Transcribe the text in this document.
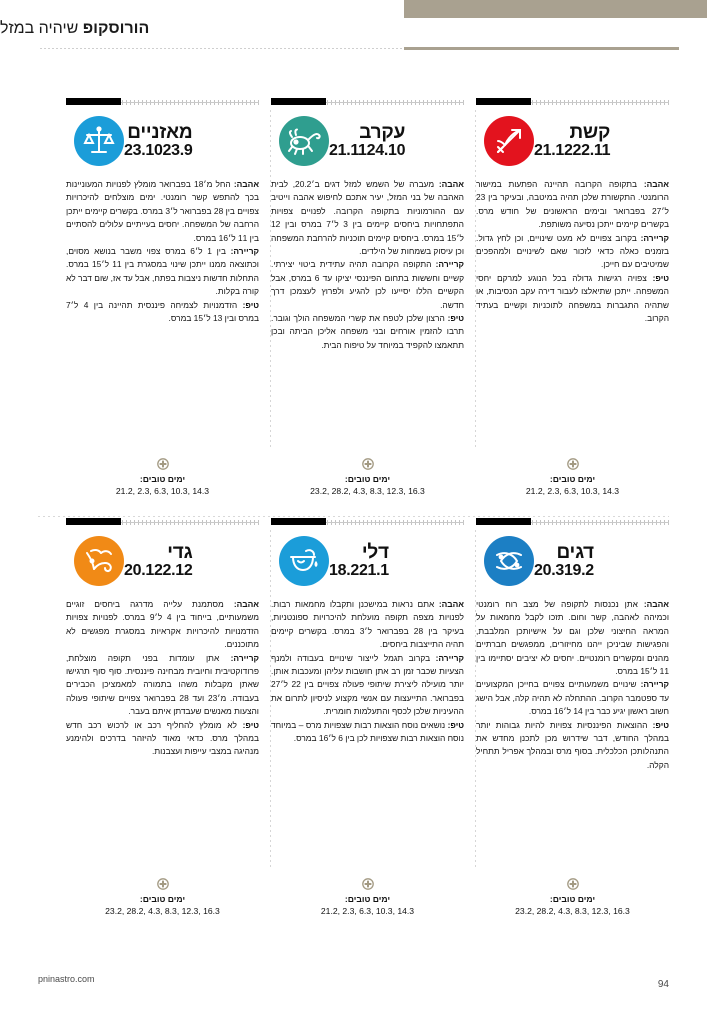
הורוסקופ שיהיה במזל
קשת
21.1222.11

אהבה: בתקופה הקרובה תהיינה הפתעות במישור הרומנטי. התקשורת שלכן תהיה במיטבה, ובעיקר בין 23 ל׳27 בפברואר ובימים הראשונים של חודש מרס. בקשרים קיימים ייתכן נסיעה משותפת.

קריירה: בקרוב צפויים לא מעט שינויים, וכן לחץ גדול. בזמנים כאלה כדאי לזכור שאם לשינויים ולמהפכים שמיטיבים עם חייכן.

טיפ: צפויה רגישות גדולה בכל הנוגע למרקם יחסי המשפחה. ייתכן שתיאלצו לעבור דירה עקב הנסיבות, או שתהיה התגברות במשפחה לתוכניות וקשיים בעתיד הקרוב.

ימים טובים:
21.2, 2.3, 6.3, 10.3, 14.3
עקרב
21.1124.10

אהבה: מעברה של השמש למזל דגים ב׳20.2, לבית האהבה של בני המזל, יעיר אתכם לחיפוש אהבה וייטיב עם ההורמוניות בתקופה הקרובה. לפנויים צפויות התפתחויות ביחסים קיימים בין 3 ל׳7 במרס ובין 12 ל׳15 במרס. ביחסים קיימים תוכניות להרחבת המשפחה וכן עיסוק בשמחות של הילדים.

קריירה: התקופה הקרובה תהיה עתידית ביטוי יצירתי. קשיים וחששות בתחום הפיננסי יציקו עד 6 במרס, אבל הקשיים הללו יסייעו לכן להגיע ולפרוץ לעצמכן דרך חדשה.

טיפ: הרצון שלכן לטפח את קשרי המשפחה הולך וגובר. תרבו להזמין אורחים ובני משפחה אליכן הביתה ובכן תתאמצו להקפיד במיוחד על טיפוח הבית.

ימים טובים:
23.2, 28.2, 4.3, 8.3, 12.3, 16.3
מאזניים
23.1023.9

אהבה: החל מ׳18 בפברואר מומלץ לפנויות המעוניינות בכך להתפש קשר רומנטי. ימים מוצלחים להיכרויות צפויים בין 28 בפברואר ל׳3 במרס. בקשרים קיימים ייתכן הרחבה של המשפחה. יחסים בעייתיים עלולים להסתיים בין 11 ל׳16 במרס.

קריירה: בין 1 ל׳6 במרס צפוי משבר בנושא מסוים, וכתוצאה ממנו ייתכן שינוי במסגרת בין 11 ל׳15 במרס. התחלות חדשות ניצבות בפתח, אבל עד אז, שום דבר לא קורה בקלות.

טיפ: הזדמנויות לצמיחה פיננסית תהיינה בין 4 ל׳7 במרס ובין 13 ל׳15 במרס.

ימים טובים:
21.2, 2.3, 6.3, 10.3, 14.3
דגים
20.319.2

אהבה: אתן נכנסות לתקופה של מצב רוח רומנטי וכמיהה לאהבה, קשר וחום. תזכו לקבל מחמאות על המראה החיצוני שלכן וגם על אישיותכן המלבבת, והפגישות שביניכן ייהנו מחיזורים, ממפגשים חברתיים מהנים ומקשרים רומנטיים. יחסים לא יציבים יסתיימו בין 11 ל׳15 במרס.

קריירה: שינויים משמעותיים צפויים בחייכן המקצועיים עד ספטמבר הקרוב. ההתחלה לא תהיה קלה, אבל הישג חשוב ראשון יגיע כבר בין 14 ל׳16 במרס.

טיפ: ההוצאות הפיננסיות צפויות להיות גבוהות יותר במהלך החודש, דבר שידרוש מכן לתכנן מחדש את התנהלותכן הכלכלית. בסוף מרס ובמהלך אפריל תתחיל הקלה.

ימים טובים:
23.2, 28.2, 4.3, 8.3, 12.3, 16.3
דלי
18.221.1

אהבה: אתם נראות במישכנן ותקבלו מחמאות רבות. לפנויות מצפה תקופה מועלחת להיכרויות ספונטניות, בעיקר בין 28 בפברואר ל׳3 במרס. בקשרים קיימים תהיה התייצבות ביחסים.

קריירה: בקרוב תגמל לייצור שינויים בעבודה ולמנף הצעיות שכבר זמן רב אתן חושבות עליהן ומעכבות אותן. יותר מועילה ליצירת שיתופי פעולה צפויים בין 22 ל׳27 בפברואר. התייעצות עם אנשי מקצוע לניסיון לתרום את ההעיניות שלכן לכסף והתעלמות חומרית.

טיפ: נושאים נוסח הוצאות רבות שצפויות מרס – במיוחד נוסח הוצאות רבות שצפויות לכן בין 6 ל׳16 במרס.

ימים טובים:
21.2, 2.3, 6.3, 10.3, 14.3
גדי
20.122.12

אהבה: מסתמנת עלייה מדרגה ביחסים זוגיים משמעותיים, בייחוד בין 4 ל׳9 במרס. לפנויות צפויות הזדמנויות להיכרויות אקראיות במסגרת מפגשים לא מתוכננים.

קריירה: אתן עומדות בפני תקופה מוצלחת, פרודוקטיבית וחיובית מבחינה פיננסית. סוף סוף תרגישו שאתן מקבלות משהו בתמורה למאמציכן הכבירים בעבודה. מ׳23 ועד 28 בפברואר צפויים שיתופי פעולה והצעות מאנשים שעבדתן איתם בעבר.

טיפ: לא מומלץ להחליף רכב או לרכוש רכב חדש במהלך מרס. כדאי מאוד להיזהר בדרכים ולהימנע מנהיגה במצבי עייפות ועצבנות.

ימים טובים:
23.2, 28.2, 4.3, 8.3, 12.3, 16.3
pninastro.com	94
